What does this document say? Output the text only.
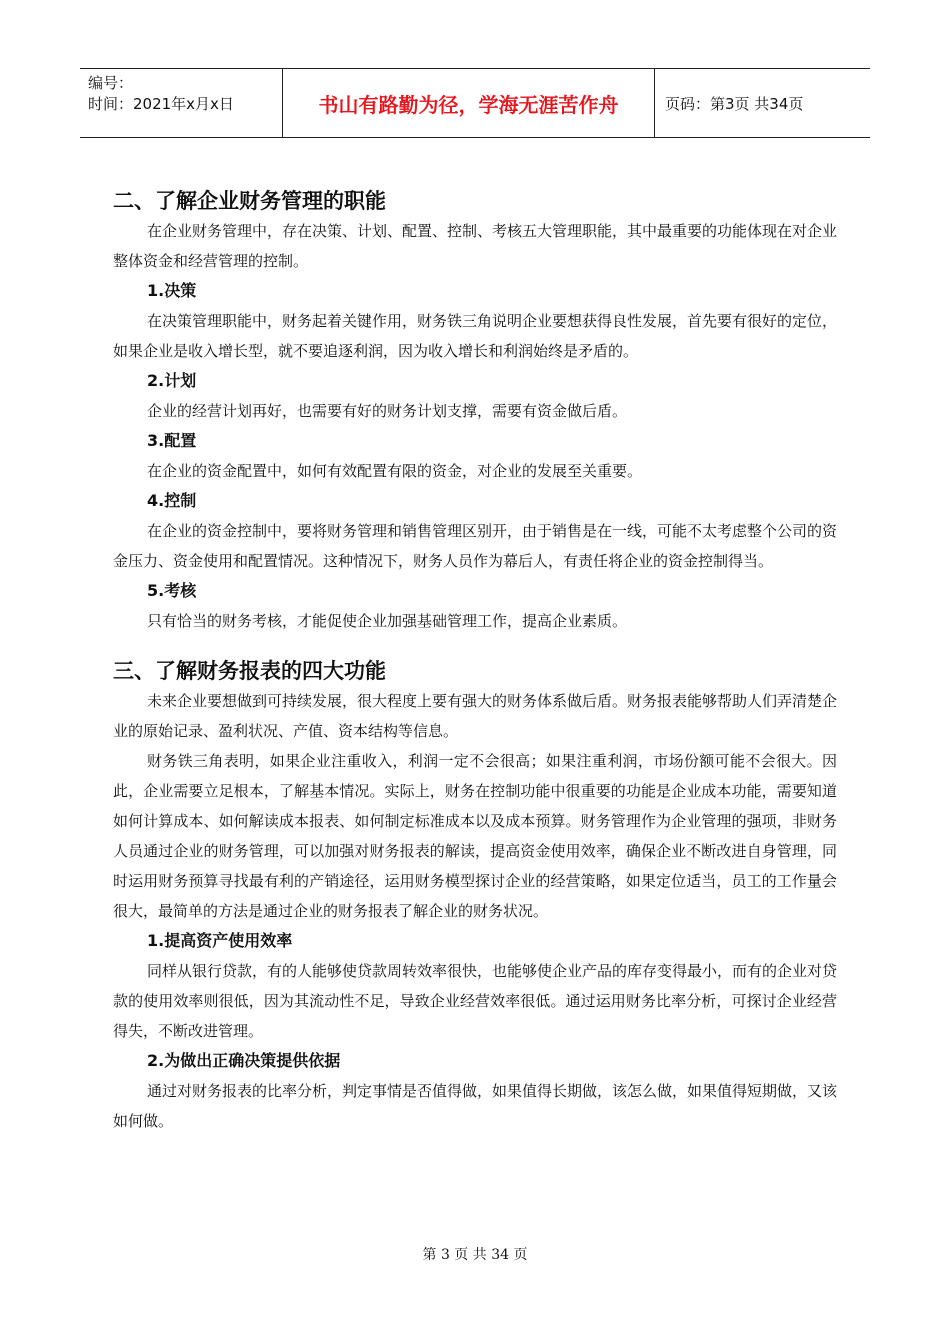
编号：
时间：2021年x月x日	书山有路勤为径，学海无涯苦作舟	页码：第3页 共34页
二、了解企业财务管理的职能

在企业财务管理中，存在决策、计划、配置、控制、考核五大管理职能，其中最重要的功能体现在对企业整体资金和经营管理的控制。

1.决策

在决策管理职能中，财务起着关键作用，财务铁三角说明企业要想获得良性发展，首先要有很好的定位，如果企业是收入增长型，就不要追逐利润，因为收入增长和利润始终是矛盾的。

2.计划

企业的经营计划再好，也需要有好的财务计划支撑，需要有资金做后盾。

3.配置

在企业的资金配置中，如何有效配置有限的资金，对企业的发展至关重要。

4.控制

在企业的资金控制中，要将财务管理和销售管理区别开，由于销售是在一线，可能不太考虑整个公司的资金压力、资金使用和配置情况。这种情况下，财务人员作为幕后人，有责任将企业的资金控制得当。

5.考核

只有恰当的财务考核，才能促使企业加强基础管理工作，提高企业素质。

三、了解财务报表的四大功能

未来企业要想做到可持续发展，很大程度上要有强大的财务体系做后盾。财务报表能够帮助人们弄清楚企业的原始记录、盈利状况、产值、资本结构等信息。

财务铁三角表明，如果企业注重收入，利润一定不会很高；如果注重利润，市场份额可能不会很大。因此，企业需要立足根本，了解基本情况。实际上，财务在控制功能中很重要的功能是企业成本功能，需要知道如何计算成本、如何解读成本报表、如何制定标准成本以及成本预算。财务管理作为企业管理的强项，非财务人员通过企业的财务管理，可以加强对财务报表的解读，提高资金使用效率，确保企业不断改进自身管理，同时运用财务预算寻找最有利的产销途径，运用财务模型探讨企业的经营策略，如果定位适当，员工的工作量会很大，最简单的方法是通过企业的财务报表了解企业的财务状况。

1.提高资产使用效率

同样从银行贷款，有的人能够使贷款周转效率很快，也能够使企业产品的库存变得最小，而有的企业对贷款的使用效率则很低，因为其流动性不足，导致企业经营效率很低。通过运用财务比率分析，可探讨企业经营得失，不断改进管理。

2.为做出正确决策提供依据

通过对财务报表的比率分析，判定事情是否值得做，如果值得长期做，该怎么做，如果值得短期做，又该如何做。

第 3 页 共 34 页
